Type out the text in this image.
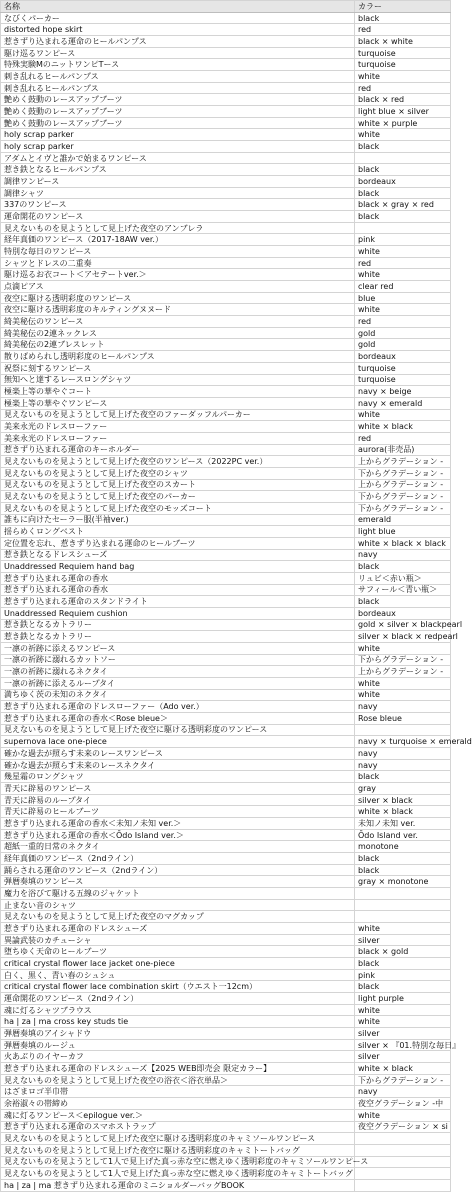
名称	カラー
なびくパーカー	black
distorted hope skirt	red
惹きずり込まれる運命のヒールパンプス	black × white
駆け巡るワンピース	turquoise
特殊実験MのニットワンピTース	turquoise
刺き乱れるヒールパンプス	white
刺き乱れるヒールパンプス	red
艶めく鼓動のレースアップブーツ	black × red
艶めく鼓動のレースアップブーツ	light blue × silver
艶めく鼓動のレースアップブーツ	white × purple
holy scrap parker	white
holy scrap parker	black
アダムとイヴと誰かで始まるワンピース	
惹き鉄となるヒールパンプス	black
調律ワンピース	bordeaux
調律シャツ	black
337のワンピース	black × gray × red
運命開花のワンピース	black
見えないものを見ようとして見上げた夜空のアンブレラ	
経年真価のワンピース（2017-18AW ver.）	pink
特別な毎日のワンピース	white
シャツとドレスの二重奏	red
駆け巡るお衣コート＜アセテートver.＞	white
点滴ピアス	clear red
夜空に駆ける透明彩度のワンピース	blue
夜空に駆ける透明彩度のキルティングヌヌード	white
綺美秘伝のワンピース	red
綺美秘伝の2連ネックレス	gold
綺美秘伝の2連ブレスレット	gold
散りばめられし透明彩度のヒールパンプス	bordeaux
祝祭に刻するワンピース	turquoise
無知へと達するレースロングシャツ	turquoise
極楽上等の華やぐコート	navy × beige
極楽上等の華やぐワンピース	navy × emerald
見えないものを見ようとして見上げた夜空のファーダッフルパーカー	white
美来永光のドレスローファー	white × black
美来永光のドレスローファー	red
惹きずり込まれる運命のキーホルダー	aurora(非売品)
見えないものを見ようとして見上げた夜空のワンピース（2022PC ver.）	上からグラデーション -
見えないものを見ようとして見上げた夜空のシャツ	下からグラデーション -
見えないものを見ようとして見上げた夜空のスカート	上からグラデーション -
見えないものを見ようとして見上げた夜空のパーカー	下からグラデーション -
見えないものを見ようとして見上げた夜空のモッズコート	下からグラデーション -
誰もに向けたセーラー服(半袖ver.)	emerald
揺らめくロングベスト	light blue
定位置を忘れ、惹きずり込まれる運命のヒールブーツ	white × black × black
惹き鉄となるドレスシューズ	navy
Unaddressed Requiem hand bag	black
惹きずり込まれる運命の香水	リュビ＜赤い瓶＞
惹きずり込まれる運命の香水	サフィール＜青い瓶＞
惹きずり込まれる運命のスタンドライト	black
Unaddressed Requiem cushion	bordeaux
惹き鉄となるカトラリー	gold × silver × blackpearl
惹き鉄となるカトラリー	silver × black × redpearl
一凛の祈跡に添えるワンピース	white
一凛の祈跡に溺れるカットソー	下からグラデーション -
一凛の祈跡に溺れるネクタイ	上からグラデーション -
一凛の祈跡に添えるループタイ	white
満ちゆく茨の未知のネクタイ	white
惹きずり込まれる運命のドレスローファー（Ado ver.）	navy
惹きずり込まれる運命の香水＜Rose bleue＞	Rose bleue
見えないものを見ようとして見上げた夜空に駆ける透明彩度のワンピース	
supernova lace one-piece	navy × turquoise × emerald
確かな過去が照らす未来のレースワンピース	navy
確かな過去が照らす未来のレースネクタイ	navy
幾星霜のロングシャツ	black
青天に辟易のワンピース	gray
青天に辟易のループタイ	silver × black
青天に辟易のヒールブーツ	white × black
惹きずり込まれる運命の香水＜未知ノ未知 ver.＞	未知ノ未知 ver.
惹きずり込まれる運命の香水＜Ōdo Island ver.＞	Ōdo Island ver.
超紙一重的日常のネクタイ	monotone
経年真価のワンピース（2ndライン）	black
踊らされる運命のワンピース（2ndライン）	black
弾暦奏填のワンピース	gray × monotone
魔力を浴びて駆ける五線のジャケット	
止まない音のシャツ	
見えないものを見ようとして見上げた夜空のマグカップ	
惹きずり込まれる運命のドレスシューズ	white
異論武装のカチューシャ	silver
堕ちゆく天命のヒールブーツ	black × gold
critical crystal flower lace jacket one-piece	black
白く、黒く、青い春のシュシュ	pink
critical crystal flower lace combination skirt（ウエスト一12cm）	black
運命開花のワンピース（2ndライン）	light purple
魂に灯るシャツブラウス	white
ha | za | ma cross key studs tie	white
弾暦奏填のアイシャドウ	silver
弾暦奏填のルージュ	silver × 『01.特別な毎日』
火あぶりのイヤーカフ	silver
惹きずり込まれる運命のドレスシューズ【2025 WEB即売会 限定カラー】	white × black
見えないものを見ようとして見上げた夜空の浴衣＜浴衣単品＞	下からグラデーション -
はざまロゴ半巾帯	navy
余裕淑々の帯締め	夜空グラデーション -中
魂に灯るワンピース＜epilogue ver.＞	white
惹きずり込まれる運命のスマホストラップ	夜空グラデーション × si
見えないものを見ようとして見上げた夜空に駆ける透明彩度のキャミソールワンピース	
見えないものを見ようとして見上げた夜空に駆ける透明彩度のキャミトートバッグ	
見えないものを見ようとして1人で見上げた真っ赤な空に燃えゆく透明彩度のキャミソールワンピース	
見えないものを見ようとして1人で見上げた真っ赤な空に燃えゆく透明彩度のキャミトートバッグ	
ha | za | ma 惹きずり込まれる運命のミニショルダーバッグBOOK	
